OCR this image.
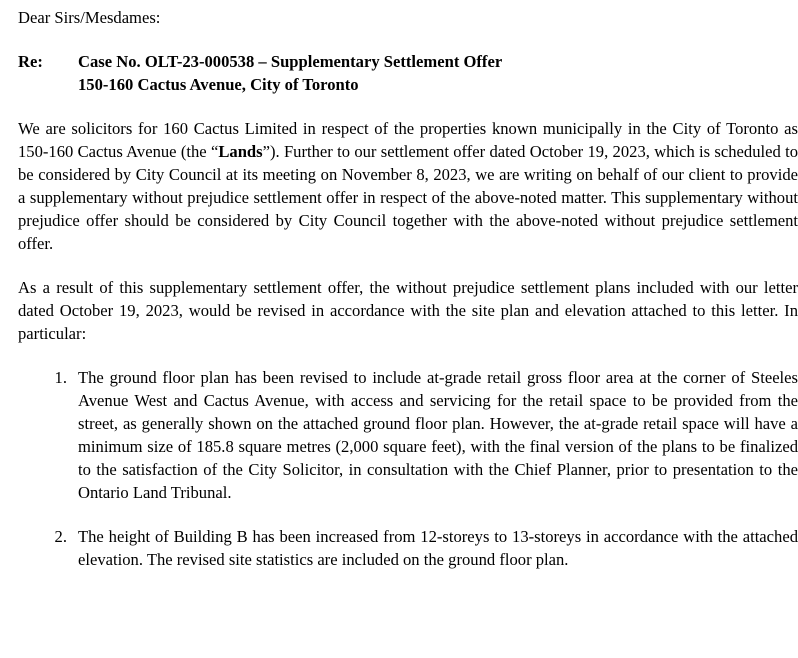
Dear Sirs/Mesdames:
Re:	Case No. OLT-23-000538 – Supplementary Settlement Offer
150-160 Cactus Avenue, City of Toronto

We are solicitors for 160 Cactus Limited in respect of the properties known municipally in the City of Toronto as 150-160 Cactus Avenue (the “Lands”). Further to our settlement offer dated October 19, 2023, which is scheduled to be considered by City Council at its meeting on November 8, 2023, we are writing on behalf of our client to provide a supplementary without prejudice settlement offer in respect of the above-noted matter. This supplementary without prejudice offer should be considered by City Council together with the above-noted without prejudice settlement offer.

As a result of this supplementary settlement offer, the without prejudice settlement plans included with our letter dated October 19, 2023, would be revised in accordance with the site plan and elevation attached to this letter. In particular:

1. The ground floor plan has been revised to include at-grade retail gross floor area at the corner of Steeles Avenue West and Cactus Avenue, with access and servicing for the retail space to be provided from the street, as generally shown on the attached ground floor plan. However, the at-grade retail space will have a minimum size of 185.8 square metres (2,000 square feet), with the final version of the plans to be finalized to the satisfaction of the City Solicitor, in consultation with the Chief Planner, prior to presentation to the Ontario Land Tribunal.
2. The height of Building B has been increased from 12-storeys to 13-storeys in accordance with the attached elevation. The revised site statistics are included on the ground floor plan.
